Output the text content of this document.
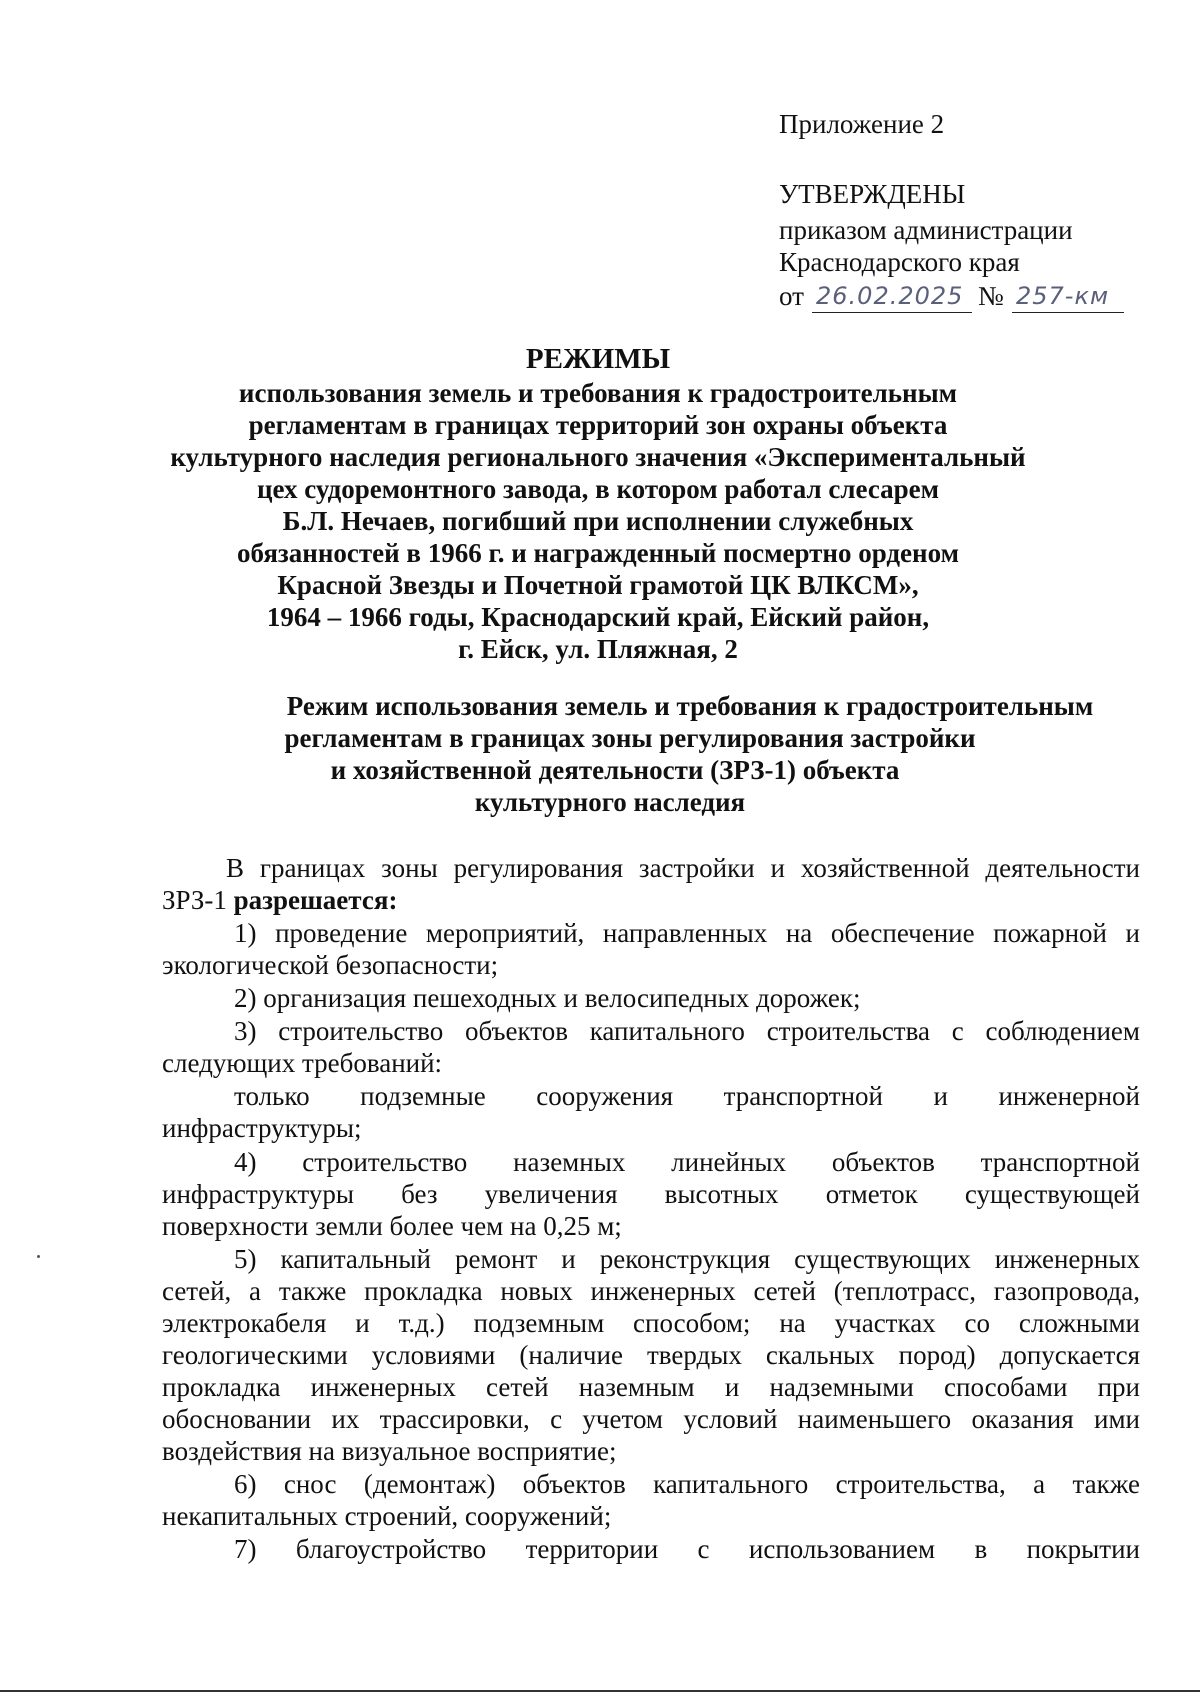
Приложение 2
УТВЕРЖДЕНЫ
приказом администрации
Краснодарского края
от 26.02.2025 № 257-км
РЕЖИМЫ
использования земель и требования к градостроительным
регламентам в границах территорий зон охраны объекта
культурного наследия регионального значения «Экспериментальный
цех судоремонтного завода, в котором работал слесарем
Б.Л. Нечаев, погибший при исполнении служебных
обязанностей в 1966 г. и награжденный посмертно орденом
Красной Звезды и Почетной грамотой ЦК ВЛКСМ»,
1964 – 1966 годы, Краснодарский край, Ейский район,
г. Ейск, ул. Пляжная, 2
Режим использования земель и требования к градостроительным
регламентам в границах зоны регулирования застройки
и хозяйственной деятельности (ЗРЗ-1) объекта
культурного наследия
В границах зоны регулирования застройки и хозяйственной деятельности
ЗРЗ-1 разрешается:
1) проведение мероприятий, направленных на обеспечение пожарной и
экологической безопасности;
2) организация пешеходных и велосипедных дорожек;
3) строительство объектов капитального строительства с соблюдением
следующих требований:
только подземные сооружения транспортной и инженерной
инфраструктуры;
4) строительство наземных линейных объектов транспортной
инфраструктуры без увеличения высотных отметок существующей
поверхности земли более чем на 0,25 м;
5) капитальный ремонт и реконструкция существующих инженерных
сетей, а также прокладка новых инженерных сетей (теплотрасс, газопровода,
электрокабеля и т.д.) подземным способом; на участках со сложными
геологическими условиями (наличие твердых скальных пород) допускается
прокладка инженерных сетей наземным и надземными способами при
обосновании их трассировки, с учетом условий наименьшего оказания ими
воздействия на визуальное восприятие;
6) снос (демонтаж) объектов капитального строительства, а также
некапитальных строений, сооружений;
7) благоустройство территории с использованием в покрытии
